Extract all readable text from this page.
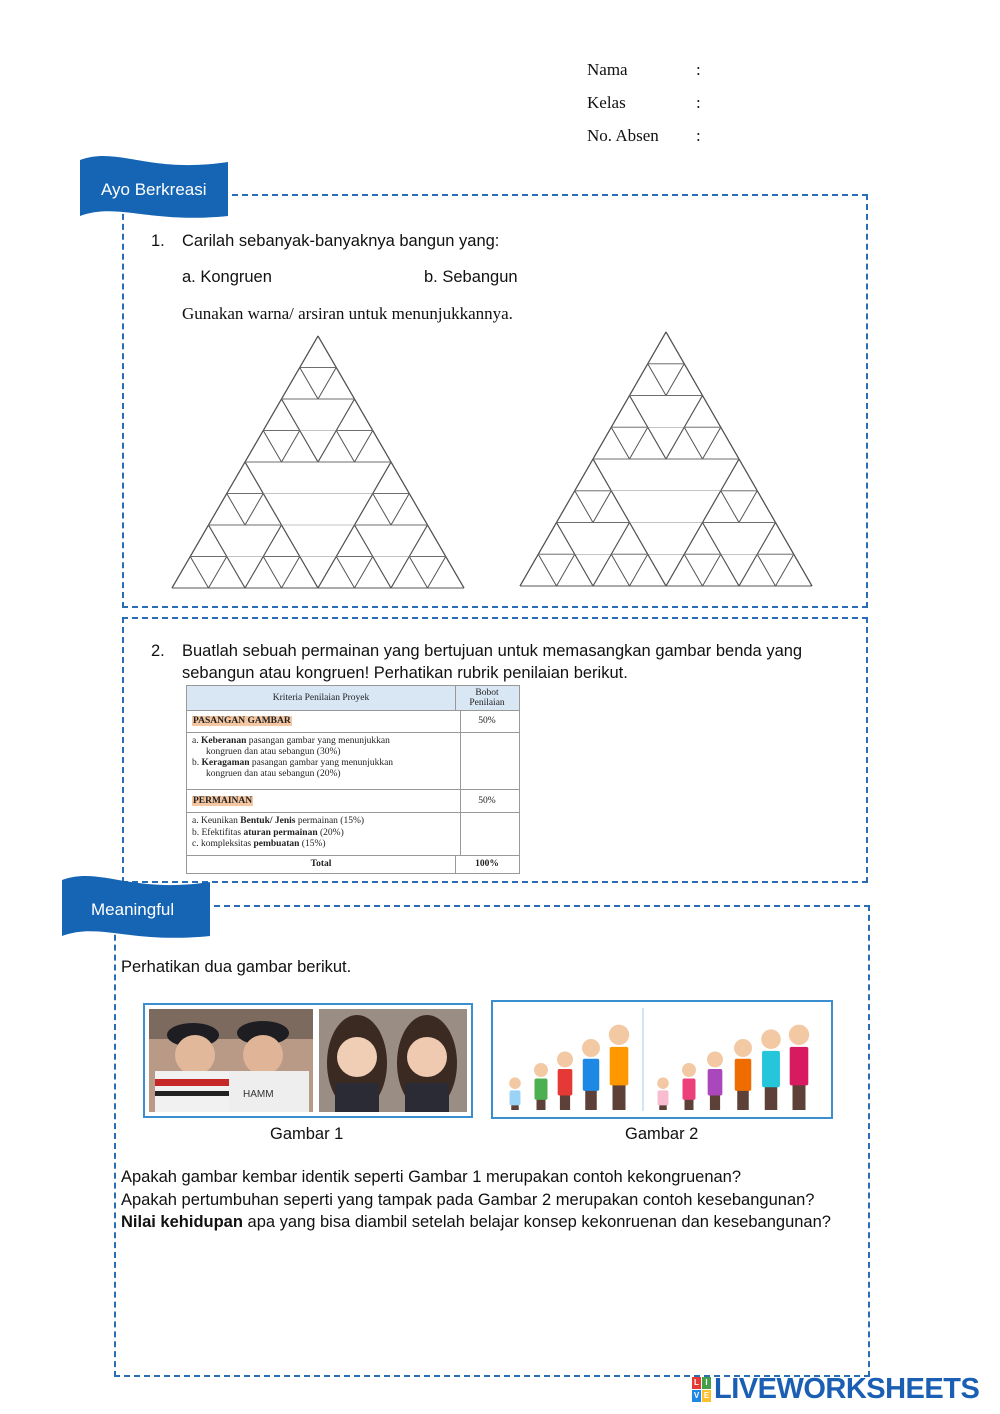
Nama	:
Kelas	:
No. Absen :
Ayo Berkreasi
1. Carilah sebanyak-banyaknya bangun yang:
a. Kongruen	b. Sebangun
Gunakan warna/ arsiran untuk menunjukkannya.
2. Buatlah sebuah permainan yang bertujuan untuk memasangkan gambar benda yang
sebangun atau kongruen! Perhatikan rubrik penilaian berikut.
Kriteria Penilaian Proyek	Bobot
Penilaian
PASANGAN GAMBAR	50%
a. Keberanan pasangan gambar yang menunjukkan
kongruen dan atau sebangun (30%)
b. Keragaman pasangan gambar yang menunjukkan
kongruen dan atau sebangun (20%)
PERMAINAN	50%
a. Keunikan Bentuk/ Jenis permainan (15%)
b. Efektifitas aturan permainan (20%)
c. kompleksitas pembuatan (15%)
Total	100%
Meaningful
Perhatikan dua gambar berikut.
HAMM
Gambar 1	Gambar 2
Apakah gambar kembar identik seperti Gambar 1 merupakan contoh kekongruenan?
Apakah pertumbuhan seperti yang tampak pada Gambar 2 merupakan contoh kesebangunan?
Nilai kehidupan apa yang bisa diambil setelah belajar konsep kekonruenan dan kesebangunan?
L I
V E LIVEWORKSHEETS
